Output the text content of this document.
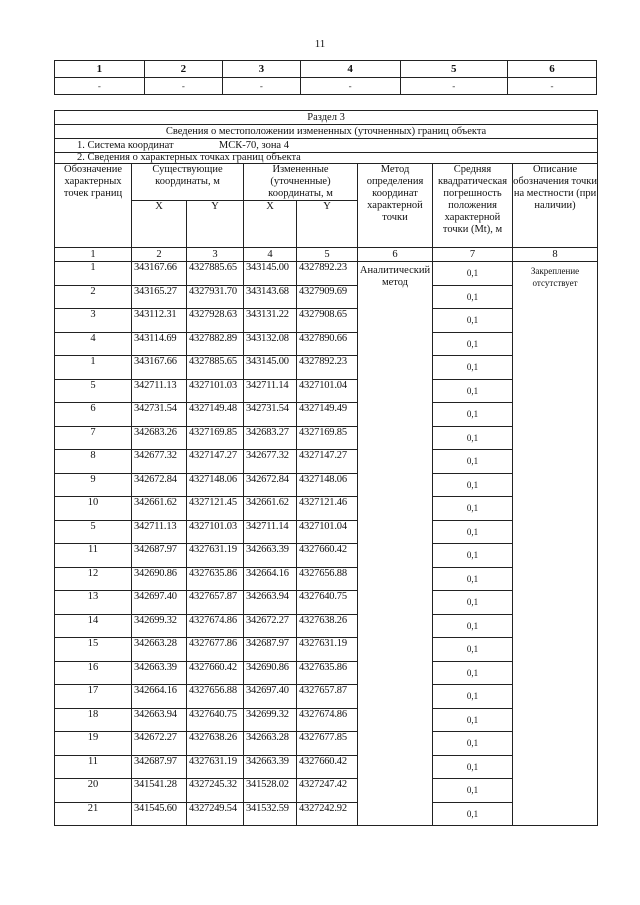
11
1	2	3	4	5	6
-	-	-	-	-	-
Раздел 3							
Сведения о местоположении измененных (уточненных) границ объекта							
1. Система координат МСК-70, зона 4							
2. Сведения о характерных точках границ объекта							
Обозначение характерных точек границ	Существующие координаты, м		Измененные (уточненные) координаты, м		Метод определения координат характерной точки	Средняя квадратическая погрешность положения характерной точки (Mt), м	Описание обозначения точки на местности (при наличии)
	X	Y	X	Y			
1	2	3	4	5	6	7	8
1	343167.66	4327885.65	343145.00	4327892.23	Аналитический метод	0,1	Закрепление отсутствует
2	343165.27	4327931.70	343143.68	4327909.69		0,1	
3	343112.31	4327928.63	343131.22	4327908.65		0,1	
4	343114.69	4327882.89	343132.08	4327890.66		0,1	
1	343167.66	4327885.65	343145.00	4327892.23		0,1	
5	342711.13	4327101.03	342711.14	4327101.04		0,1	
6	342731.54	4327149.48	342731.54	4327149.49		0,1	
7	342683.26	4327169.85	342683.27	4327169.85		0,1	
8	342677.32	4327147.27	342677.32	4327147.27		0,1	
9	342672.84	4327148.06	342672.84	4327148.06		0,1	
10	342661.62	4327121.45	342661.62	4327121.46		0,1	
5	342711.13	4327101.03	342711.14	4327101.04		0,1	
11	342687.97	4327631.19	342663.39	4327660.42		0,1	
12	342690.86	4327635.86	342664.16	4327656.88		0,1	
13	342697.40	4327657.87	342663.94	4327640.75		0,1	
14	342699.32	4327674.86	342672.27	4327638.26		0,1	
15	342663.28	4327677.86	342687.97	4327631.19		0,1	
16	342663.39	4327660.42	342690.86	4327635.86		0,1	
17	342664.16	4327656.88	342697.40	4327657.87		0,1	
18	342663.94	4327640.75	342699.32	4327674.86		0,1	
19	342672.27	4327638.26	342663.28	4327677.85		0,1	
11	342687.97	4327631.19	342663.39	4327660.42		0,1	
20	341541.28	4327245.32	341528.02	4327247.42		0,1	
21	341545.60	4327249.54	341532.59	4327242.92		0,1	
